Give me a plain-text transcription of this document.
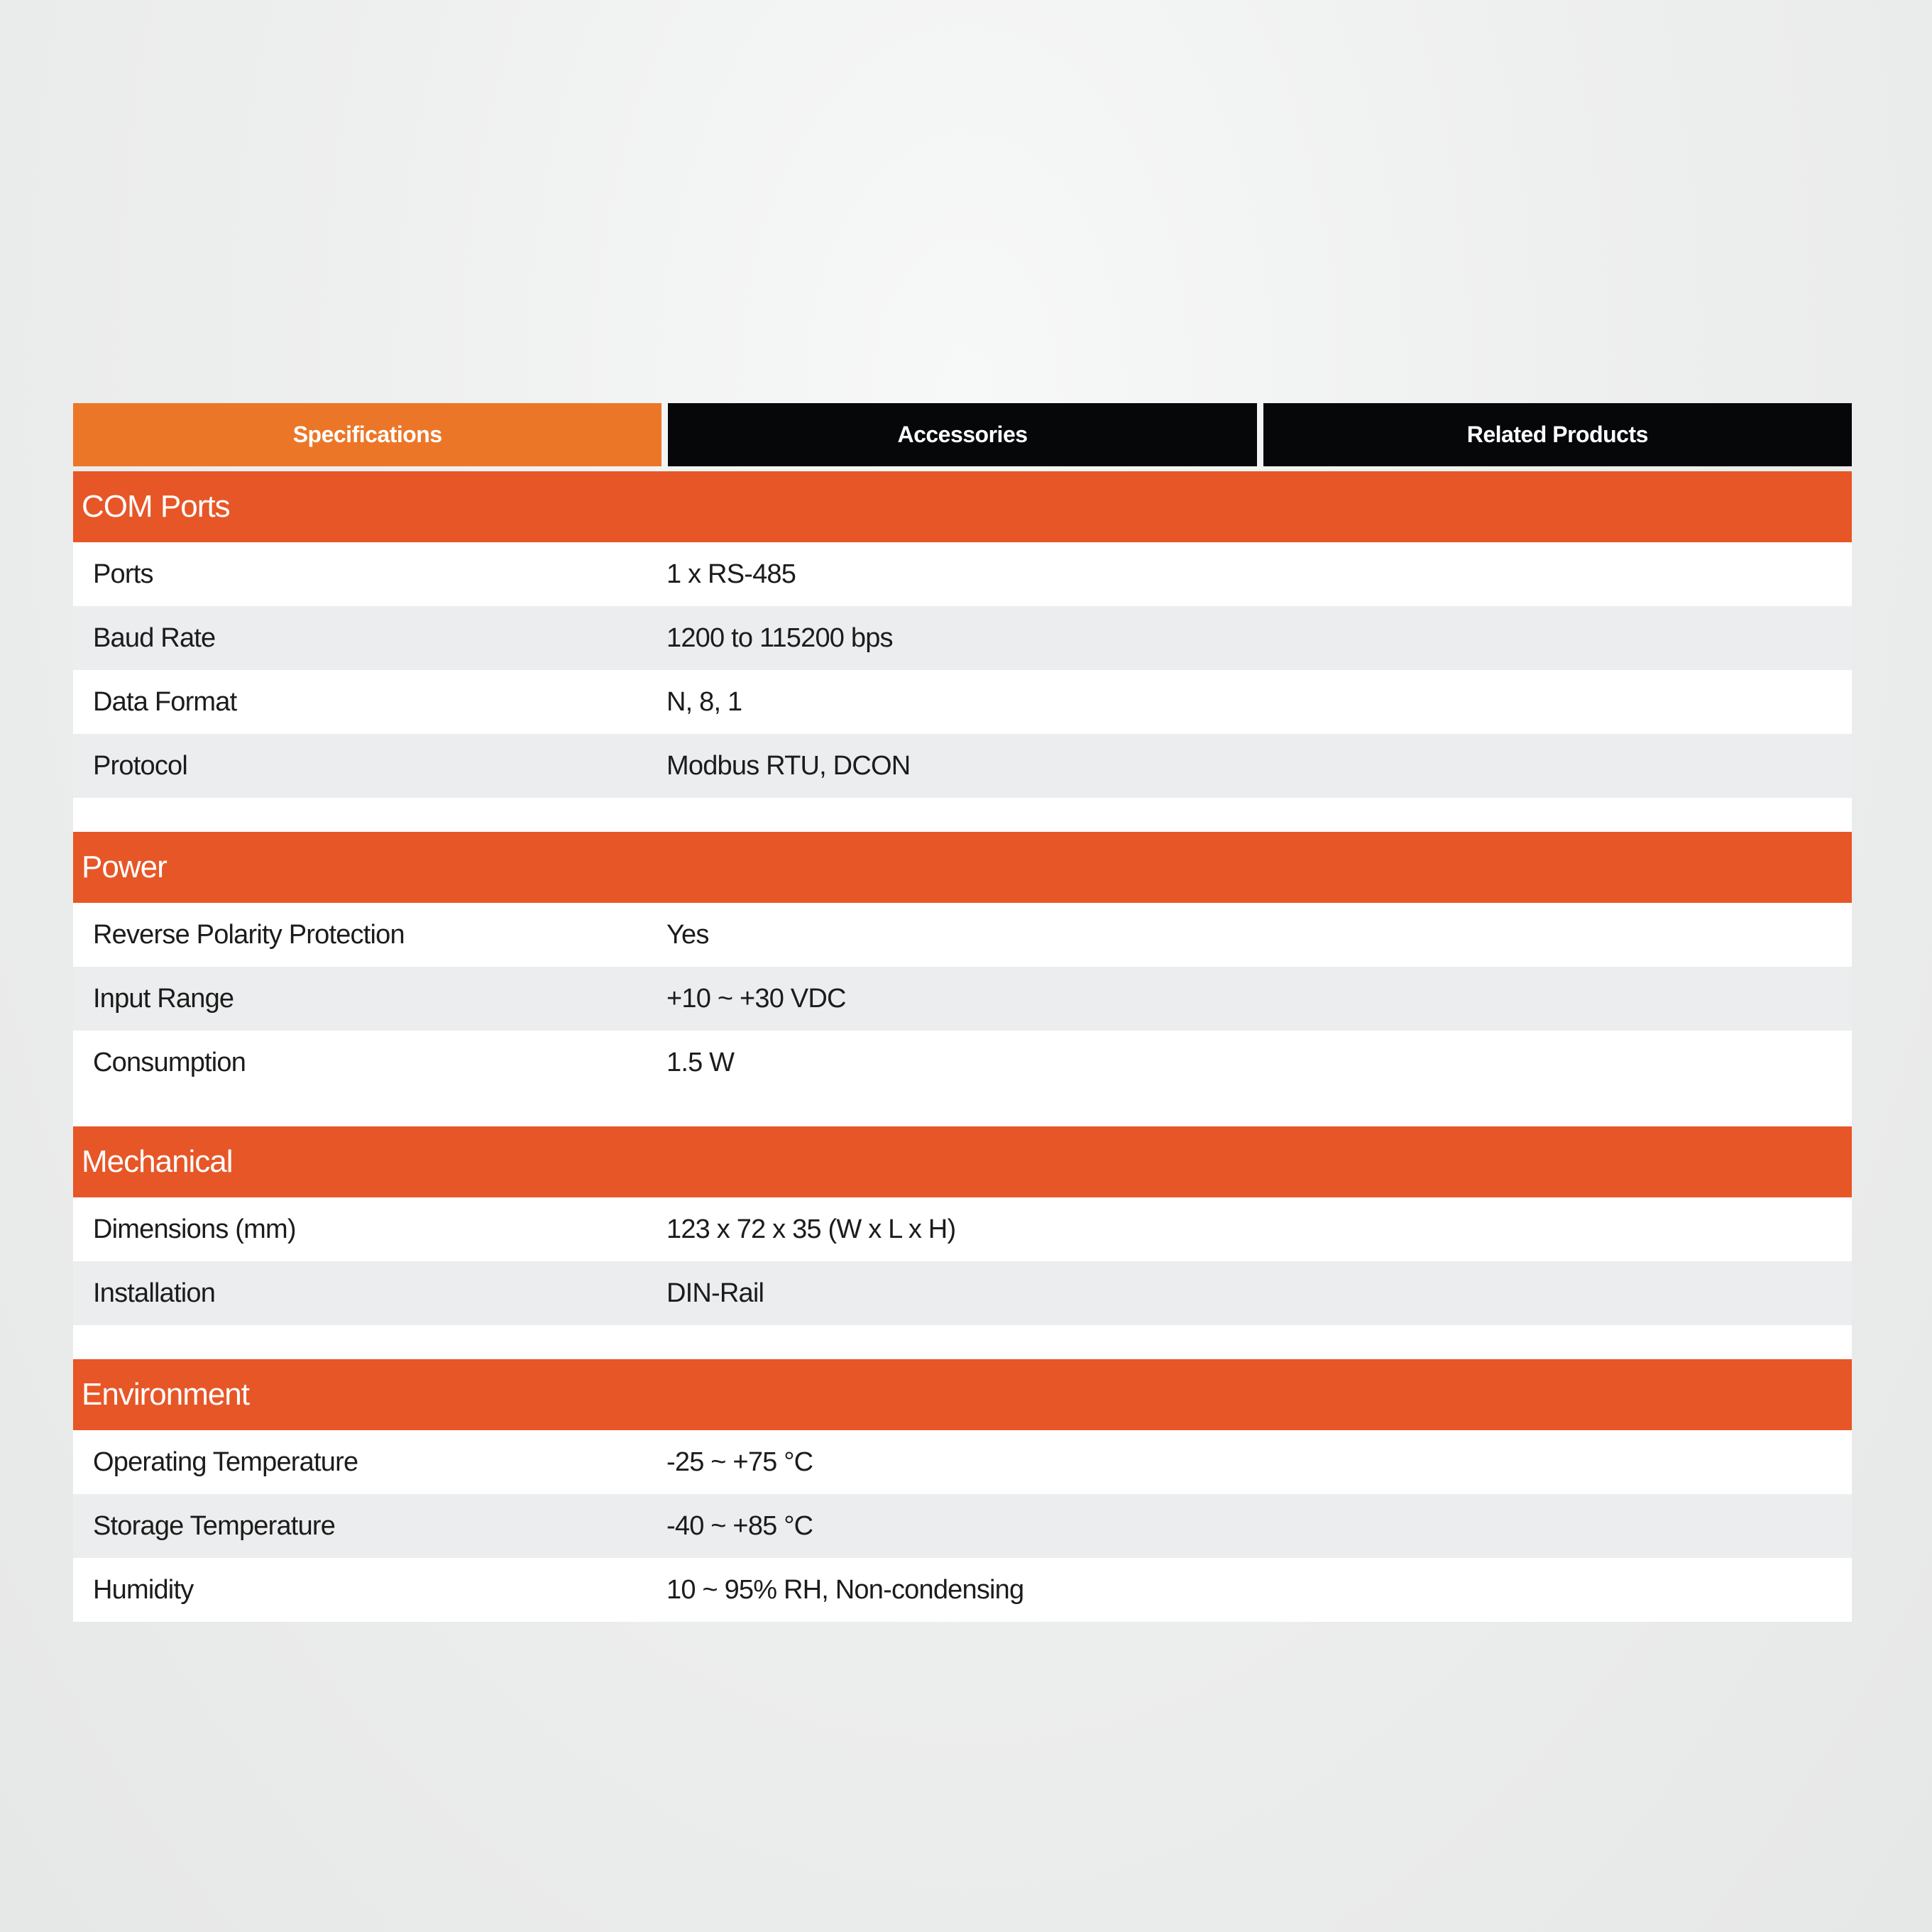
Specifications	Accessories	Related Products
COM Ports
Ports	1 x RS-485
Baud Rate	1200 to 115200 bps
Data Format	N, 8, 1
Protocol	Modbus RTU, DCON
Power
Reverse Polarity Protection	Yes
Input Range	+10 ~ +30 VDC
Consumption	1.5 W
Mechanical
Dimensions (mm)	123 x 72 x 35 (W x L x H)
Installation	DIN-Rail
Environment
Operating Temperature	-25 ~ +75 °C
Storage Temperature	-40 ~ +85 °C
Humidity	10 ~ 95% RH, Non-condensing
